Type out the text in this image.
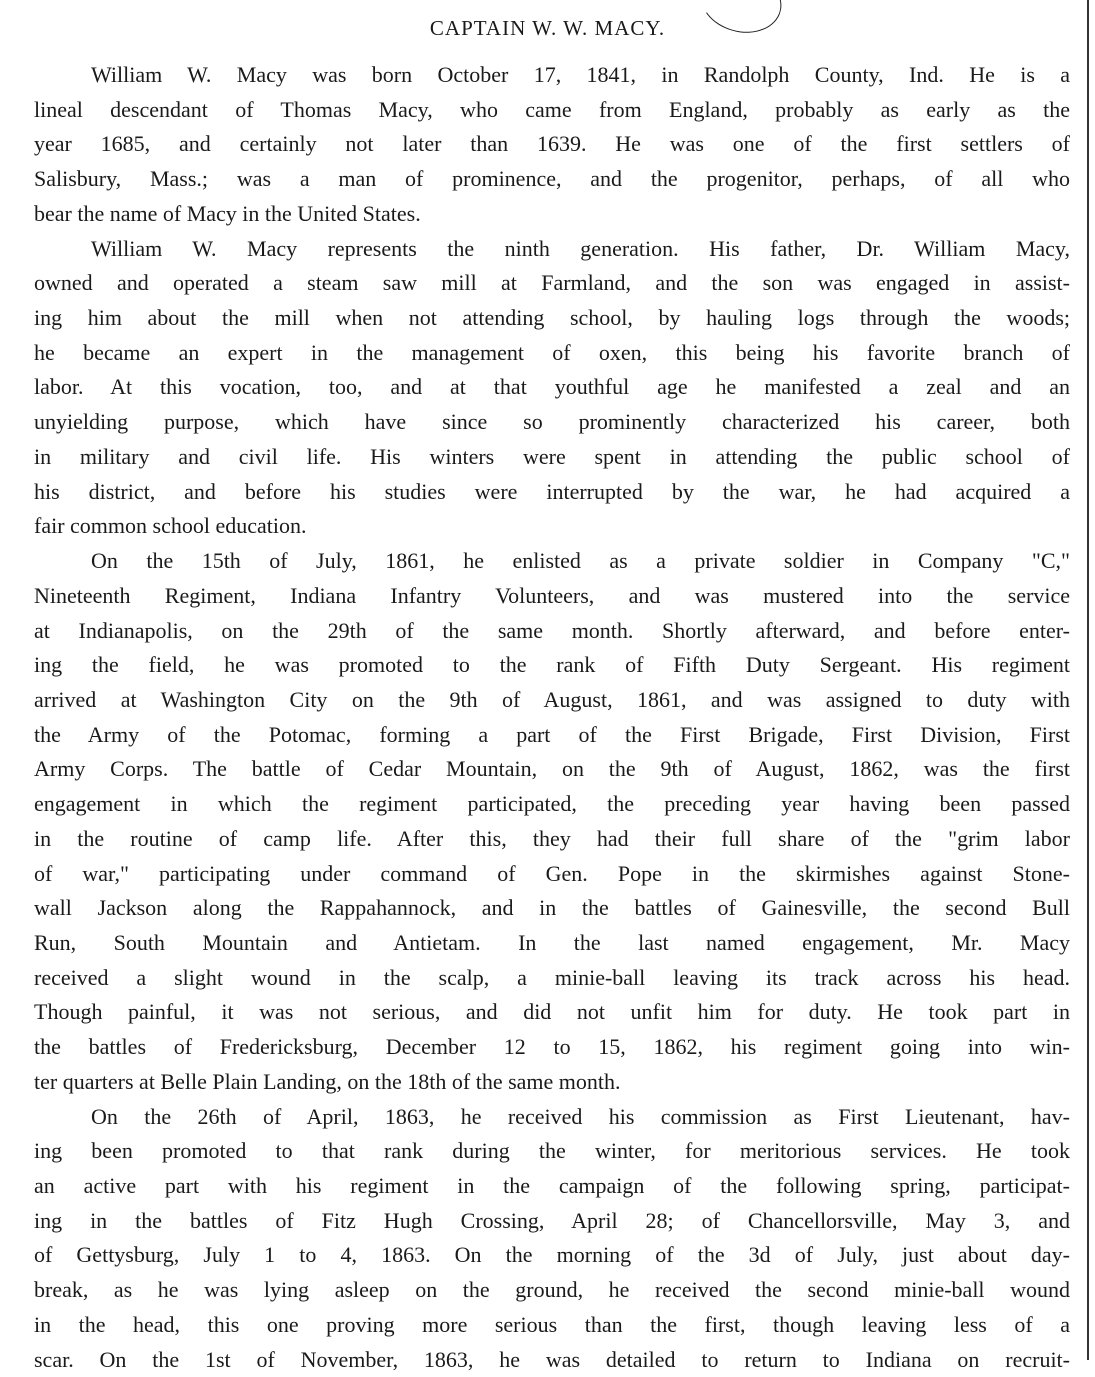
CAPTAIN W. W. MACY.
William W. Macy was born October 17, 1841, in Randolph County, Ind. He is a
lineal descendant of Thomas Macy, who came from England, probably as early as the
year 1685, and certainly not later than 1639. He was one of the first settlers of
Salisbury, Mass.; was a man of prominence, and the progenitor, perhaps, of all who
bear the name of Macy in the United States.
William W. Macy represents the ninth generation. His father, Dr. William Macy,
owned and operated a steam saw mill at Farmland, and the son was engaged in assist-
ing him about the mill when not attending school, by hauling logs through the woods;
he became an expert in the management of oxen, this being his favorite branch of
labor. At this vocation, too, and at that youthful age he manifested a zeal and an
unyielding purpose, which have since so prominently characterized his career, both
in military and civil life. His winters were spent in attending the public school of
his district, and before his studies were interrupted by the war, he had acquired a
fair common school education.
On the 15th of July, 1861, he enlisted as a private soldier in Company "C,"
Nineteenth Regiment, Indiana Infantry Volunteers, and was mustered into the service
at Indianapolis, on the 29th of the same month. Shortly afterward, and before enter-
ing the field, he was promoted to the rank of Fifth Duty Sergeant. His regiment
arrived at Washington City on the 9th of August, 1861, and was assigned to duty with
the Army of the Potomac, forming a part of the First Brigade, First Division, First
Army Corps. The battle of Cedar Mountain, on the 9th of August, 1862, was the first
engagement in which the regiment participated, the preceding year having been passed
in the routine of camp life. After this, they had their full share of the "grim labor
of war," participating under command of Gen. Pope in the skirmishes against Stone-
wall Jackson along the Rappahannock, and in the battles of Gainesville, the second Bull
Run, South Mountain and Antietam. In the last named engagement, Mr. Macy
received a slight wound in the scalp, a minie-ball leaving its track across his head.
Though painful, it was not serious, and did not unfit him for duty. He took part in
the battles of Fredericksburg, December 12 to 15, 1862, his regiment going into win-
ter quarters at Belle Plain Landing, on the 18th of the same month.
On the 26th of April, 1863, he received his commission as First Lieutenant, hav-
ing been promoted to that rank during the winter, for meritorious services. He took
an active part with his regiment in the campaign of the following spring, participat-
ing in the battles of Fitz Hugh Crossing, April 28; of Chancellorsville, May 3, and
of Gettysburg, July 1 to 4, 1863. On the morning of the 3d of July, just about day-
break, as he was lying asleep on the ground, he received the second minie-ball wound
in the head, this one proving more serious than the first, though leaving less of a
scar. On the 1st of November, 1863, he was detailed to return to Indiana on recruit-
